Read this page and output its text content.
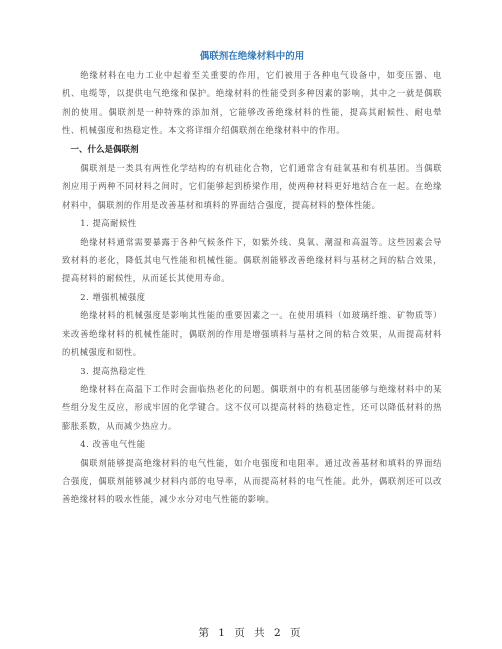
偶联剂在绝缘材料中的用

绝缘材料在电力工业中起着至关重要的作用，它们被用于各种电气设备中，如变压器、电机、电缆等，以提供电气绝缘和保护。绝缘材料的性能受到多种因素的影响，其中之一就是偶联剂的使用。偶联剂是一种特殊的添加剂，它能够改善绝缘材料的性能，提高其耐候性、耐电晕性、机械强度和热稳定性。本文将详细介绍偶联剂在绝缘材料中的作用。

一、什么是偶联剂

偶联剂是一类具有两性化学结构的有机硅化合物，它们通常含有硅氧基和有机基团。当偶联剂应用于两种不同材料之间时，它们能够起到桥梁作用，使两种材料更好地结合在一起。在绝缘材料中，偶联剂的作用是改善基材和填料的界面结合强度，提高材料的整体性能。

1. 提高耐候性

绝缘材料通常需要暴露于各种气候条件下，如紫外线、臭氧、潮湿和高温等。这些因素会导致材料的老化，降低其电气性能和机械性能。偶联剂能够改善绝缘材料与基材之间的粘合效果，提高材料的耐候性，从而延长其使用寿命。

2. 增强机械强度

绝缘材料的机械强度是影响其性能的重要因素之一。在使用填料（如玻璃纤维、矿物质等）来改善绝缘材料的机械性能时，偶联剂的作用是增强填料与基材之间的粘合效果，从而提高材料的机械强度和韧性。

3. 提高热稳定性

绝缘材料在高温下工作时会面临热老化的问题。偶联剂中的有机基团能够与绝缘材料中的某些组分发生反应，形成牢固的化学键合。这不仅可以提高材料的热稳定性，还可以降低材料的热膨胀系数，从而减少热应力。

4. 改善电气性能

偶联剂能够提高绝缘材料的电气性能，如介电强度和电阻率。通过改善基材和填料的界面结合强度，偶联剂能够减少材料内部的电导率，从而提高材料的电气性能。此外，偶联剂还可以改善绝缘材料的吸水性能，减少水分对电气性能的影响。

第 1 页 共 2 页
